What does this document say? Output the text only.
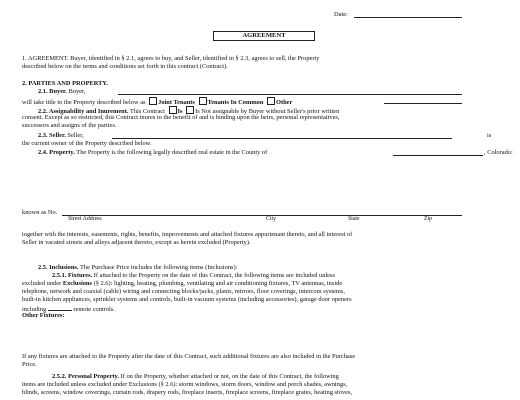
Date:
AGREEMENT
1. AGREEMENT. Buyer, identified in § 2.1, agrees to buy, and Seller, identified in § 2.3, agrees to sell, the Property
described below on the terms and conditions set forth in this contract (Contract).
2. PARTIES AND PROPERTY.
2.1. Buyer. Buyer,
will take title to the Property described below as Joint Tenants Tenants In Common Other
2.2. Assignability and Inurement. This Contract Is Is Not assignable by Buyer without Seller's prior written
consent. Except as so restricted, this Contract inures to the benefit of and is binding upon the heirs, personal representatives,
successors and assigns of the parties.
2.3. Seller. Seller,	is
the current owner of the Property described below.
2.4. Property. The Property is the following legally described real estate in the County of	, Colorado:
known as No.
Street Address	City	State	Zip
together with the interests, easements, rights, benefits, improvements and attached fixtures appurtenant thereto, and all interest of
Seller in vacated streets and alleys adjacent thereto, except as herein excluded (Property).
2.5. Inclusions. The Purchase Price includes the following items (Inclusions):
2.5.1. Fixtures. If attached to the Property on the date of this Contract, the following items are included unless
excluded under Exclusions (§ 2.6): lighting, heating, plumbing, ventilating and air conditioning fixtures, TV antennas, inside
telephone, network and coaxial (cable) wiring and connecting blocks/jacks, plants, mirrors, floor coverings, intercom systems,
built-in kitchen appliances, sprinkler systems and controls, built-in vacuum systems (including accessories), garage door openers
including	remote controls.
Other Fixtures:
If any fixtures are attached to the Property after the date of this Contract, such additional fixtures are also included in the Purchase
Price.
2.5.2. Personal Property. If on the Property, whether attached or not, on the date of this Contract, the following
items are included unless excluded under Exclusions (§ 2.6): storm windows, storm doors, window and porch shades, awnings,
blinds, screens, window coverings, curtain rods, drapery rods, fireplace inserts, fireplace screens, fireplace grates, heating stoves,
